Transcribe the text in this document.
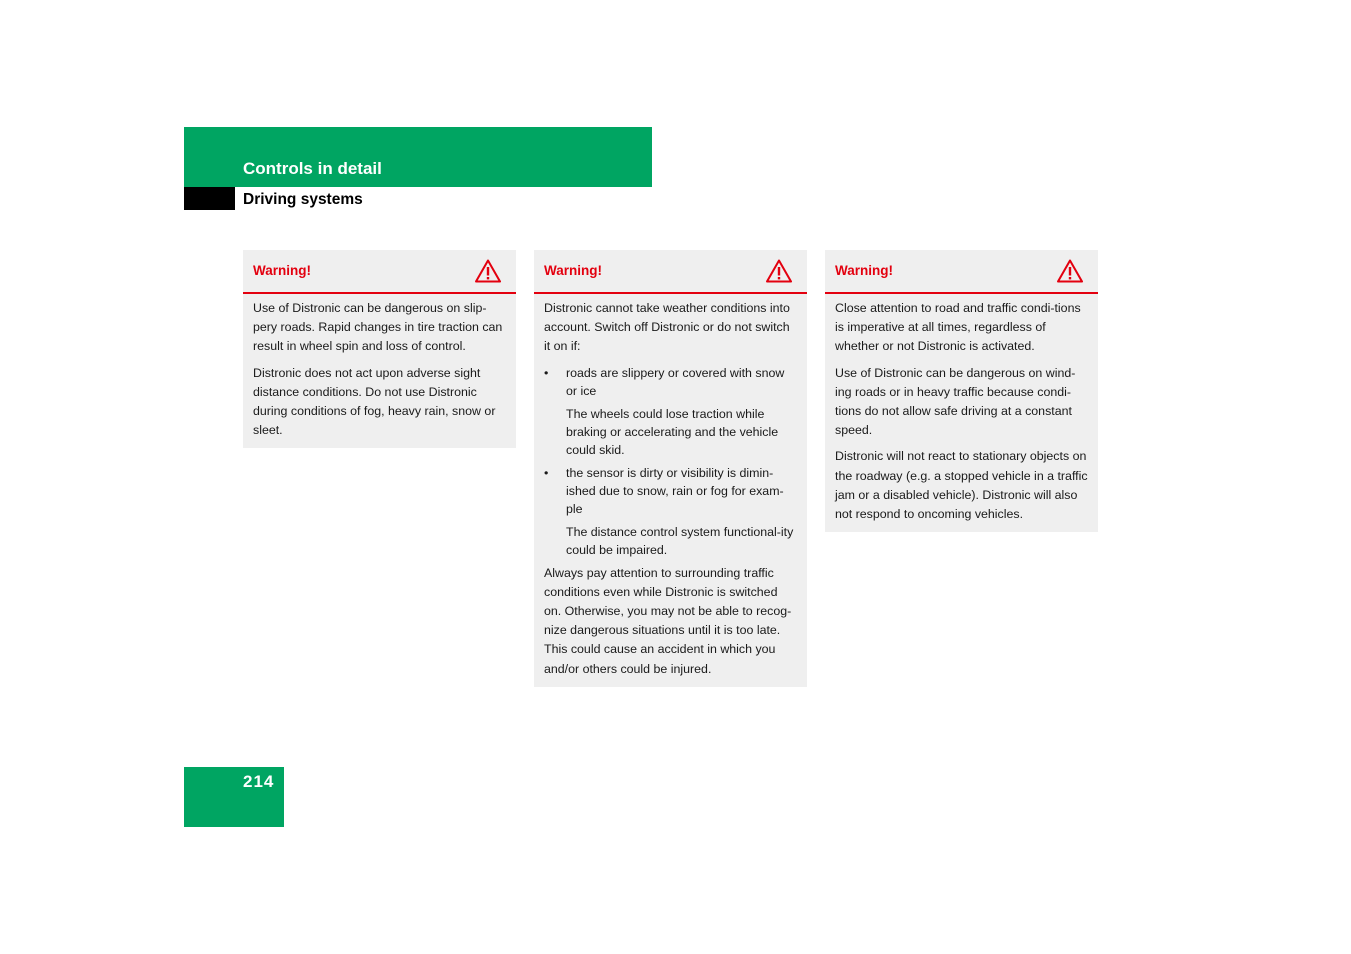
Controls in detail
Driving systems
Warning!

Use of Distronic can be dangerous on slip-pery roads. Rapid changes in tire traction can result in wheel spin and loss of control.

Distronic does not act upon adverse sight distance conditions. Do not use Distronic during conditions of fog, heavy rain, snow or sleet.

Warning!

Distronic cannot take weather conditions into account. Switch off Distronic or do not switch it on if:

• roads are slippery or covered with snow or ice
The wheels could lose traction while braking or accelerating and the vehicle could skid.
• the sensor is dirty or visibility is dimin-ished due to snow, rain or fog for exam-ple
The distance control system functional-ity could be impaired.

Always pay attention to surrounding traffic conditions even while Distronic is switched on. Otherwise, you may not be able to recog-nize dangerous situations until it is too late. This could cause an accident in which you and/or others could be injured.

Warning!

Close attention to road and traffic condi-tions is imperative at all times, regardless of whether or not Distronic is activated.

Use of Distronic can be dangerous on wind-ing roads or in heavy traffic because condi-tions do not allow safe driving at a constant speed.

Distronic will not react to stationary objects on the roadway (e.g. a stopped vehicle in a traffic jam or a disabled vehicle). Distronic will also not respond to oncoming vehicles.

214
